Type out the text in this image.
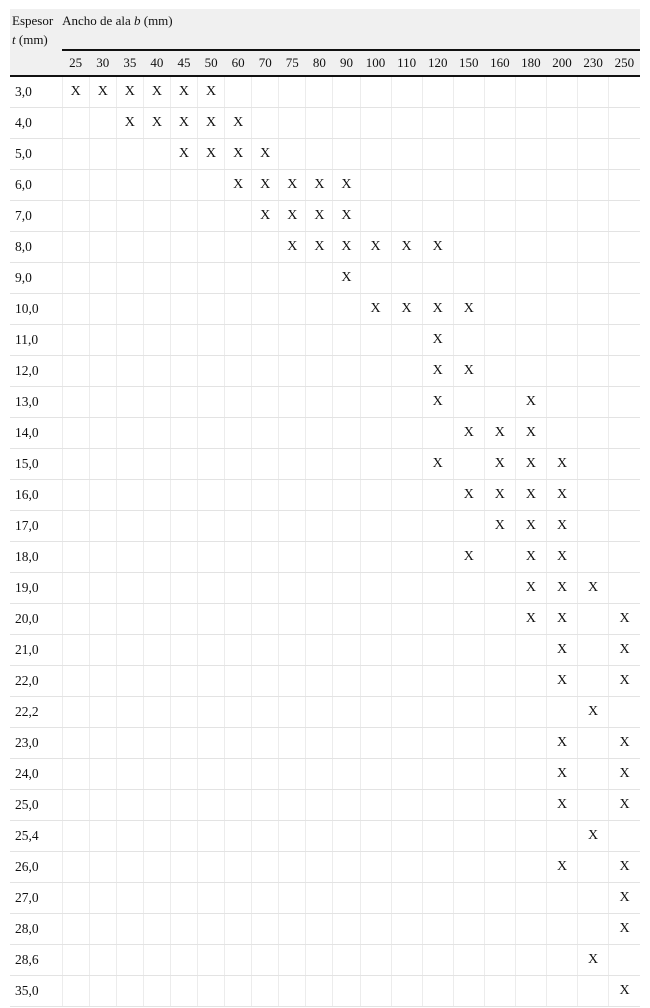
Espesor
t (mm)	Ancho de ala b (mm)																			
	25	30	35	40	45	50	60	70	75	80	90	100	110	120	150	160	180	200	230	250
3,0	X	X	X	X	X	X														
4,0			X	X	X	X	X													
5,0					X	X	X	X												
6,0							X	X	X	X	X									
7,0								X	X	X	X									
8,0									X	X	X	X	X	X						
9,0											X									
10,0												X	X	X	X					
11,0														X						
12,0														X	X					
13,0														X			X			
14,0															X	X	X			
15,0														X		X	X	X		
16,0															X	X	X	X		
17,0																X	X	X		
18,0															X		X	X		
19,0																	X	X	X	
20,0																	X	X		X
21,0																		X		X
22,0																		X		X
22,2																			X	
23,0																		X		X
24,0																		X		X
25,0																		X		X
25,4																			X	
26,0																		X		X
27,0																				X
28,0																				X
28,6																			X	
35,0																				X
